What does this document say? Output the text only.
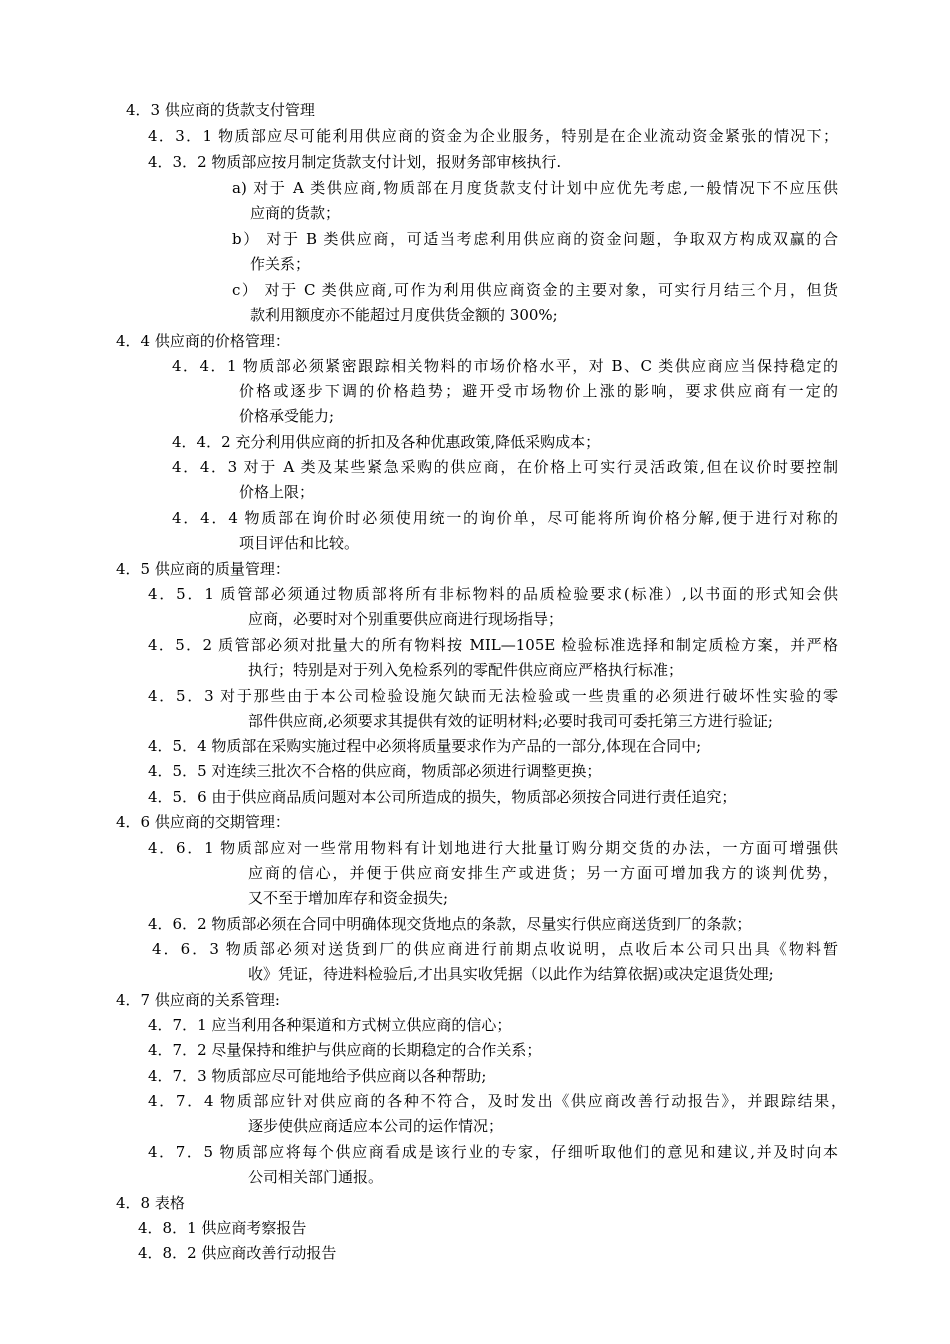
4．3 供应商的货款支付管理
4．3．1 物质部应尽可能利用供应商的资金为企业服务，特别是在企业流动资金紧张的情况下；
4．3．2 物质部应按月制定货款支付计划，报财务部审核执行.
a) 对于 A 类供应商,物质部在月度货款支付计划中应优先考虑,一般情况下不应压供
应商的货款；
b） 对于 B 类供应商，可适当考虑利用供应商的资金问题，争取双方构成双赢的合
作关系；
c） 对于 C 类供应商,可作为利用供应商资金的主要对象，可实行月结三个月，但货
款利用额度亦不能超过月度供货金额的 300%;
4．4 供应商的价格管理：
4．4．1 物质部必须紧密跟踪相关物料的市场价格水平，对 B、C 类供应商应当保持稳定的
价格或逐步下调的价格趋势；避开受市场物价上涨的影响，要求供应商有一定的
价格承受能力;
4．4．2 充分利用供应商的折扣及各种优惠政策,降低采购成本；
4．4．3 对于 A 类及某些紧急采购的供应商，在价格上可实行灵活政策,但在议价时要控制
价格上限；
4．4．4 物质部在询价时必须使用统一的询价单，尽可能将所询价格分解,便于进行对称的
项目评估和比较。
4．5 供应商的质量管理：
4．5．1 质管部必须通过物质部将所有非标物料的品质检验要求(标准）,以书面的形式知会供
应商，必要时对个别重要供应商进行现场指导；
4．5．2 质管部必须对批量大的所有物料按 MIL—105E 检验标准选择和制定质检方案，并严格
执行；特别是对于列入免检系列的零配件供应商应严格执行标准；
4．5．3 对于那些由于本公司检验设施欠缺而无法检验或一些贵重的必须进行破坏性实验的零
部件供应商,必须要求其提供有效的证明材料;必要时我司可委托第三方进行验证;
4．5．4 物质部在采购实施过程中必须将质量要求作为产品的一部分,体现在合同中;
4．5．5 对连续三批次不合格的供应商，物质部必须进行调整更换；
4．5．6 由于供应商品质问题对本公司所造成的损失，物质部必须按合同进行责任追究；
4．6 供应商的交期管理：
4．6．1 物质部应对一些常用物料有计划地进行大批量订购分期交货的办法，一方面可增强供
应商的信心，并便于供应商安排生产或进货；另一方面可增加我方的谈判优势，
又不至于增加库存和资金损失;
4．6．2 物质部必须在合同中明确体现交货地点的条款，尽量实行供应商送货到厂的条款；
4．6．3 物质部必须对送货到厂的供应商进行前期点收说明，点收后本公司只出具《物料暂
收》凭证，待进料检验后,才出具实收凭据（以此作为结算依据)或决定退货处理;
4．7 供应商的关系管理:
4．7．1 应当利用各种渠道和方式树立供应商的信心；
4．7．2 尽量保持和维护与供应商的长期稳定的合作关系；
4．7．3 物质部应尽可能地给予供应商以各种帮助;
4．7．4 物质部应针对供应商的各种不符合，及时发出《供应商改善行动报告》，并跟踪结果，
逐步使供应商适应本公司的运作情况；
4．7．5 物质部应将每个供应商看成是该行业的专家，仔细听取他们的意见和建议,并及时向本
公司相关部门通报。
4．8 表格
4．8．1 供应商考察报告
4．8．2 供应商改善行动报告
